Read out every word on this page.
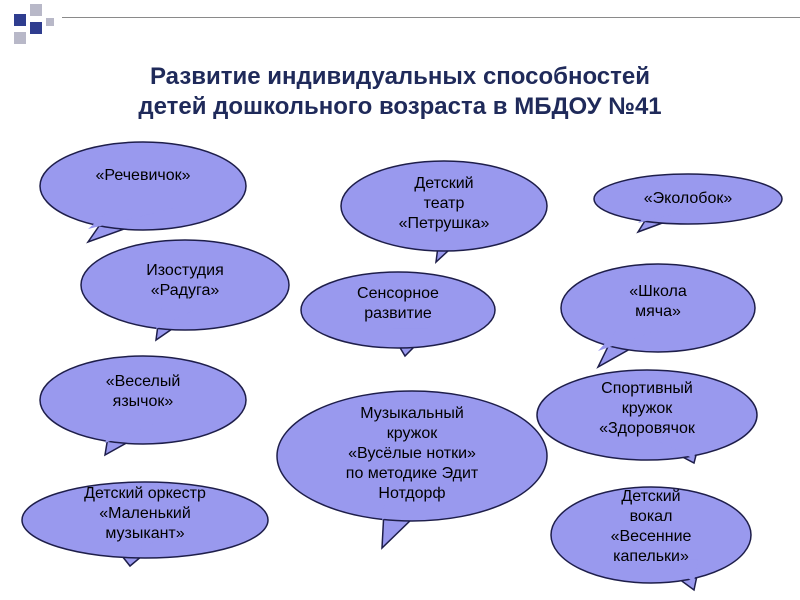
Развитие индивидуальных способностей
детей дошкольного возраста в МБДОУ №41
«Речевичок»	Детский
театр
«Петрушка»
«Эколобок»
Изостудия
«Радуга»	Сенсорное
развитие
«Школа
мяча»
«Веселый
язычок»
Музыкальный
кружок
«Вусёлые нотки»
по методике Эдит
Нотдорф
Спортивный
кружок
«Здоровячок
Детский оркестр
«Маленький
музыкант»
Детский
вокал
«Весенние
капельки»
